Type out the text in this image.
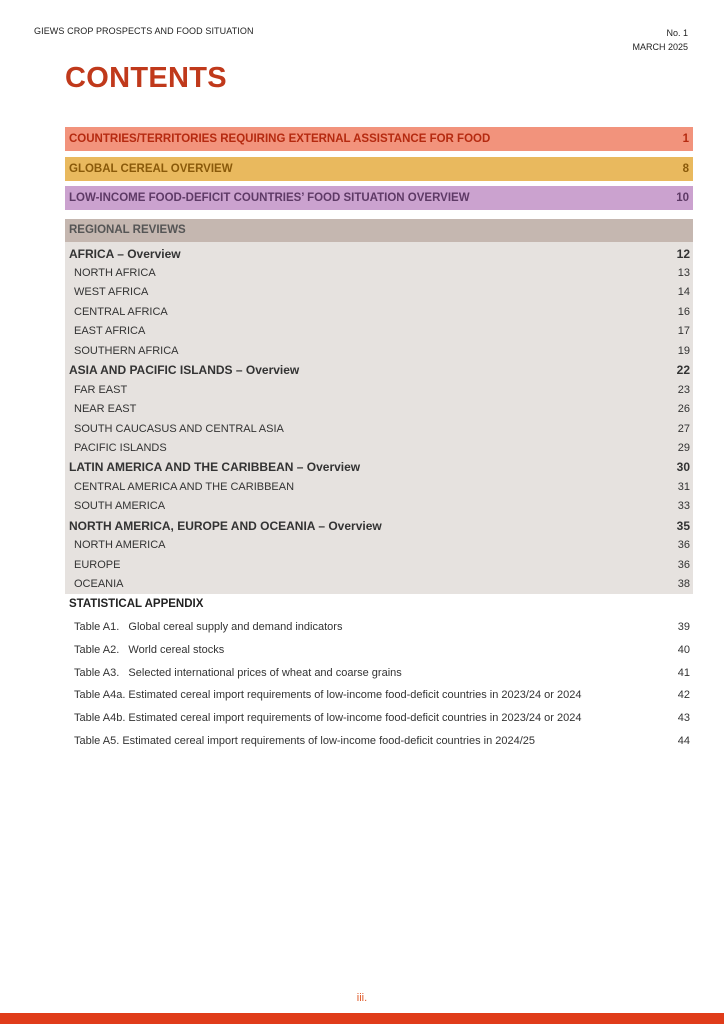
GIEWS CROP PROSPECTS AND FOOD SITUATION	No. 1
MARCH 2025
CONTENTS
COUNTRIES/TERRITORIES REQUIRING EXTERNAL ASSISTANCE FOR FOOD	1
GLOBAL CEREAL OVERVIEW	8
LOW-INCOME FOOD-DEFICIT COUNTRIES’ FOOD SITUATION OVERVIEW	10
REGIONAL REVIEWS
AFRICA – Overview	12
NORTH AFRICA	13
WEST AFRICA	14
CENTRAL AFRICA	16
EAST AFRICA	17
SOUTHERN AFRICA	19
ASIA AND PACIFIC ISLANDS – Overview	22
FAR EAST	23
NEAR EAST	26
SOUTH CAUCASUS AND CENTRAL ASIA	27
PACIFIC ISLANDS	29
LATIN AMERICA AND THE CARIBBEAN – Overview	30
CENTRAL AMERICA AND THE CARIBBEAN	31
SOUTH AMERICA	33
NORTH AMERICA, EUROPE AND OCEANIA – Overview	35
NORTH AMERICA	36
EUROPE	36
OCEANIA	38
STATISTICAL APPENDIX
Table A1.   Global cereal supply and demand indicators	39
Table A2.   World cereal stocks	40
Table A3.   Selected international prices of wheat and coarse grains	41
Table A4a. Estimated cereal import requirements of low-income food-deficit countries in 2023/24 or 2024	42
Table A4b. Estimated cereal import requirements of low-income food-deficit countries in 2023/24 or 2024	43
Table A5. Estimated cereal import requirements of low-income food-deficit countries in 2024/25	44
iii.
